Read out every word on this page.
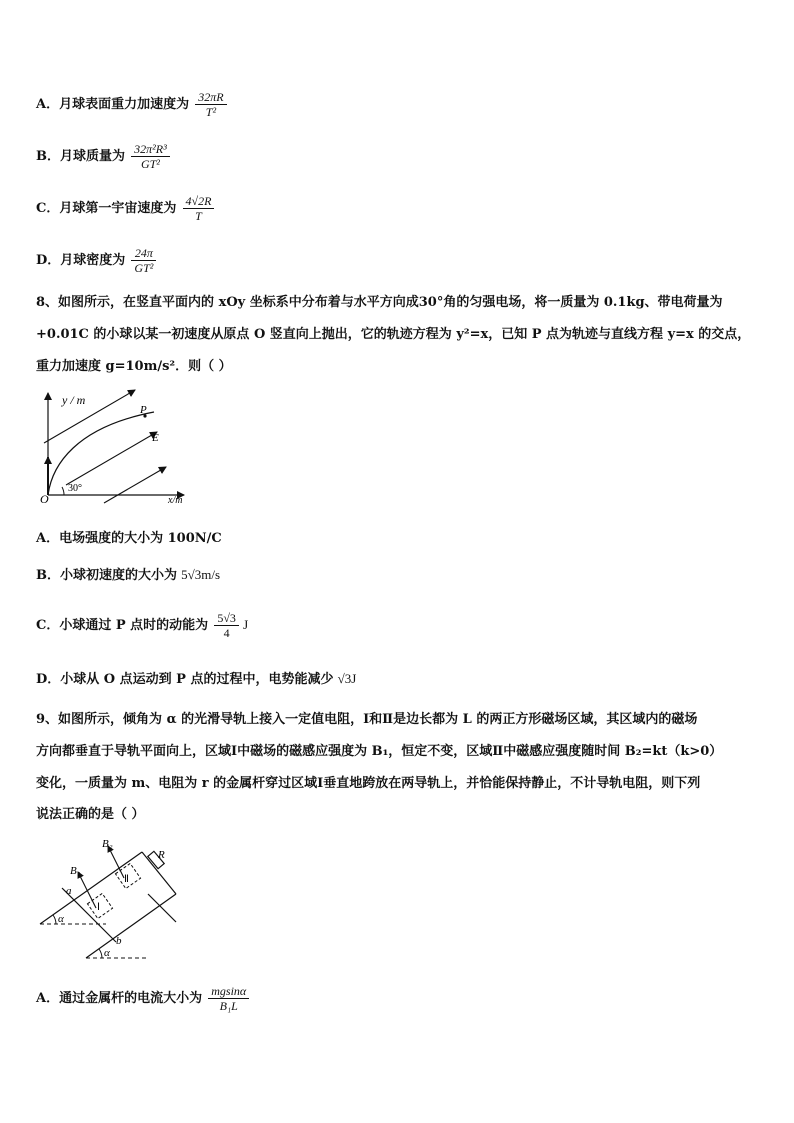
A．月球表面重力加速度为 $\frac{32\pi R}{\text{T²}}$
B．月球质量为 $\frac{\text{32π²R³}}{\text{GT²}}$
C．月球第一宇宙速度为 $\frac{4√2R}{T}$
D．月球密度为 $\frac{24\pi}{\text{GT²}}$
8、如图所示，在竖直平面内的 xOy 坐标系中分布着与水平方向成30°角的匀强电场，将一质量为 0.1kg、带电荷量为
+0.01C 的小球以某一初速度从原点 O 竖直向上抛出，它的轨迹方程为 y²=x，已知 P 点为轨迹与直线方程 y=x 的交点，
重力加速度 g=10m/s²．则（ ）
y / m
x/m
O
30°
P
E
A．电场强度的大小为 100N/C
B．小球初速度的大小为 5√3m/s
C．小球通过 P 点时的动能为 $\frac{5√3}{4}$ J
D．小球从 O 点运动到 P 点的过程中，电势能减少 √3J
9、如图所示，倾角为 α 的光滑导轨上接入一定值电阻，Ⅰ和Ⅱ是边长都为 L 的两正方形磁场区域，其区域内的磁场
方向都垂直于导轨平面向上，区域Ⅰ中磁场的磁感应强度为 B₁，恒定不变，区域Ⅱ中磁感应强度随时间 B₂=kt（k>0）
变化，一质量为 m、电阻为 r 的金属杆穿过区域Ⅰ垂直地跨放在两导轨上，并恰能保持静止，不计导轨电阻，则下列
说法正确的是（ ）
B₂
R
B₁
a
b
Ⅱ
Ⅰ
α
α
A．通过金属杆的电流大小为 $\frac{mgsin\alpha}{\text{B₁L}}$
